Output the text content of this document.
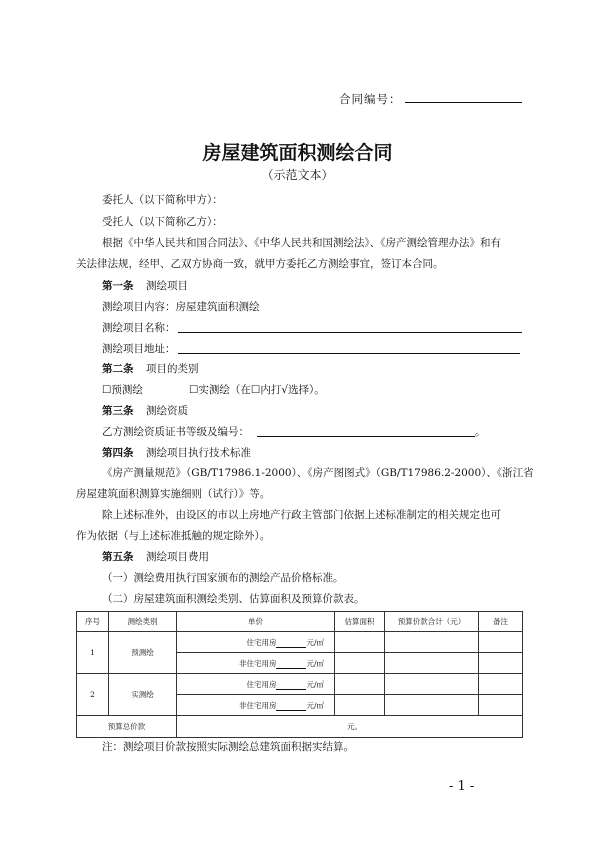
合同编号：
房屋建筑面积测绘合同
（示范文本）
委托人（以下简称甲方）：
受托人（以下简称乙方）：
根据《中华人民共和国合同法》、《中华人民共和国测绘法》、《房产测绘管理办法》和有
关法律法规，经甲、乙双方协商一致，就甲方委托乙方测绘事宜，签订本合同。
第一条 测绘项目
测绘项目内容：房屋建筑面积测绘
测绘项目名称：
测绘项目地址：
第二条 项目的类别
☐预测绘	☐实测绘（在☐内打√选择）。
第三条 测绘资质
乙方测绘资质证书等级及编号：	。
第四条 测绘项目执行技术标准
《房产测量规范》（GB/T17986.1-2000）、《房产图图式》（GB/T17986.2-2000）、《浙江省
房屋建筑面积测算实施细则（试行）》等。
除上述标准外，由设区的市以上房地产行政主管部门依据上述标准制定的相关规定也可
作为依据（与上述标准抵触的规定除外）。
第五条 测绘项目费用
（一）测绘费用执行国家颁布的测绘产品价格标准。
（二）房屋建筑面积测绘类别、估算面积及预算价款表。
序号	测绘类别	单价	估算面积	预算价款合计（元）	备注
1	预测绘	住宅用房 元/㎡			
		非住宅用房 元/㎡			
2	实测绘	住宅用房 元/㎡			
		非住宅用房 元/㎡			
预算总价款		元。			
注：测绘项目价款按照实际测绘总建筑面积据实结算。
- 1 -
